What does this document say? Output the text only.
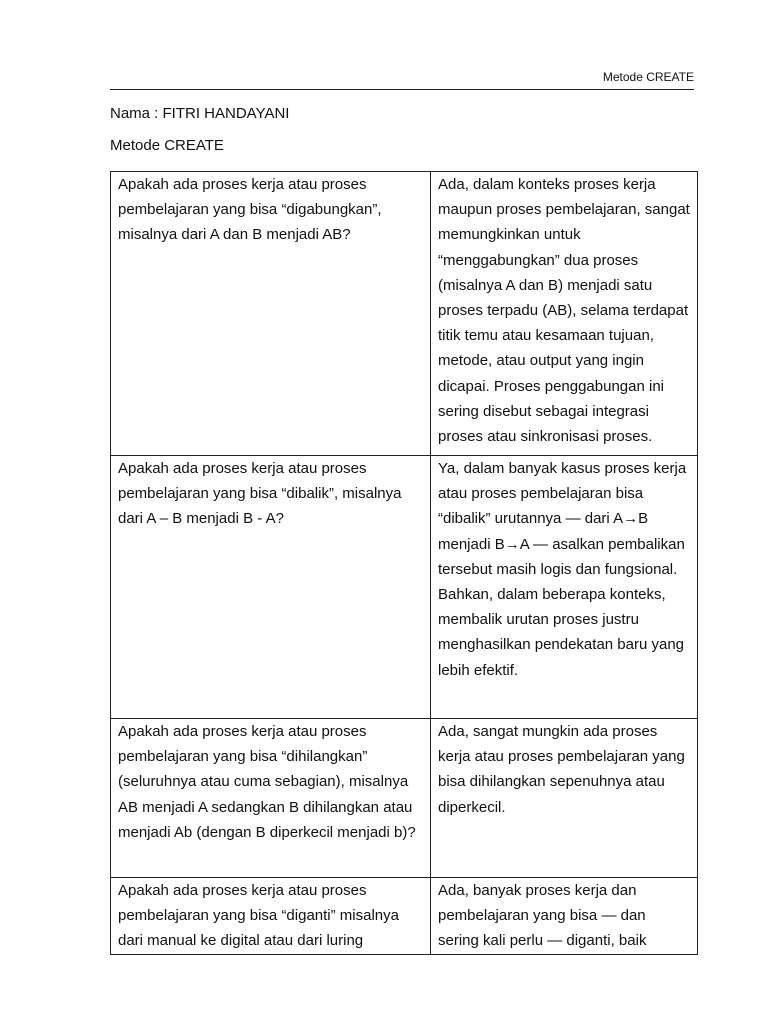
Metode CREATE
Nama : FITRI HANDAYANI
Metode CREATE
Apakah ada proses kerja atau proses pembelajaran yang bisa “digabungkan”, misalnya dari A dan B menjadi AB?	Ada, dalam konteks proses kerja maupun proses pembelajaran, sangat memungkinkan untuk “menggabungkan” dua proses (misalnya A dan B) menjadi satu proses terpadu (AB), selama terdapat titik temu atau kesamaan tujuan, metode, atau output yang ingin dicapai. Proses penggabungan ini sering disebut sebagai integrasi proses atau sinkronisasi proses.

Apakah ada proses kerja atau proses pembelajaran yang bisa “dibalik”, misalnya dari A – B menjadi B - A?	Ya, dalam banyak kasus proses kerja atau proses pembelajaran bisa “dibalik” urutannya — dari A→B menjadi B→A — asalkan pembalikan tersebut masih logis dan fungsional. Bahkan, dalam beberapa konteks, membalik urutan proses justru menghasilkan pendekatan baru yang lebih efektif.

Apakah ada proses kerja atau proses pembelajaran yang bisa “dihilangkan” (seluruhnya atau cuma sebagian), misalnya AB menjadi A sedangkan B dihilangkan atau menjadi Ab (dengan B diperkecil menjadi b)?	Ada, sangat mungkin ada proses kerja atau proses pembelajaran yang bisa dihilangkan sepenuhnya atau diperkecil.

Apakah ada proses kerja atau proses pembelajaran yang bisa “diganti” misalnya dari manual ke digital atau dari luring	Ada, banyak proses kerja dan pembelajaran yang bisa — dan sering kali perlu — diganti, baik
